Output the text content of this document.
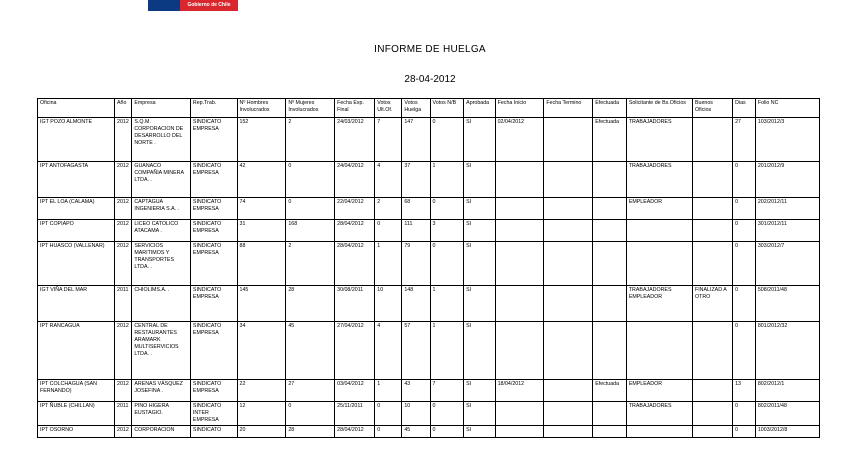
Gobierno de Chile
INFORME DE HUELGA
28-04-2012
Oficina	Año	Empresa	Rep.Trab.	Nº Hombres Involucrados	Nº Mujeres Involucrados	Fecha Exp. Final	Votos Ult.Of.	Votos Huelga	Votos N/B	Aprobada	Fecha Inicio	Fecha Termino	Efectuada	Solicitante de Bs.Oficios	Buenos Oficios	Dias	Folio NC
IGT POZO ALMONTE	2012	S.Q.M. CORPORACION DE DESARROLLO DEL NORTE .	SINDICATO EMPRESA	152	2	24/03/2012	7	147	0	SI	02/04/2012		Efectuada	TRABAJADORES		27	103/2012/3
IPT ANTOFAGASTA	2012	GUANACO COMPAÑIA MINERA LTDA. .	SINDICATO EMPRESA	42	0	24/04/2012	4	37	1	SI				TRABAJADORES		0	201/2012/9
IPT EL LOA (CALAMA)	2012	CAPTAGUA INGENIERIA S.A. .	SINDICATO EMPRESA	74	0	22/04/2012	2	68	0	SI				EMPLEADOR		0	202/2012/11
IPT COPIAPO	2012	LICEO CATOLICO ATACAMA .	SINDICATO EMPRESA	31	168	28/04/2012	0	111	3	SI						0	301/2012/11
IPT HUASCO (VALLENAR)	2012	SERVICIOS MARITIMOS Y TRANSPORTES LTDA. .	SINDICATO EMPRESA	88	2	28/04/2012	1	79	0	SI						0	303/2012/7
IGT VIÑA DEL MAR	2011	CHIOLIMS.A. .	SINDICATO EMPRESA	145	28	30/08/2011	10	148	1	SI				TRABAJADORES EMPLEADOR	FINALIZAD A OTRO	0	508/2011/48
IPT RANCAGUA	2012	CENTRAL DE RESTAURANTES ARAMARK MULTISERVICIOS LTDA. .	SINDICATO EMPRESA	34	45	27/04/2012	4	57	1	SI						0	801/2012/32
IPT COLCHAGUA (SAN FERNANDO)	2012	ARENAS VÁSQUEZ JOSEFINA .	SINDICATO EMPRESA	22	27	03/04/2012	1	43	7	SI	18/04/2012		Efectuada	EMPLEADOR		13	802/2012/1
IPT ÑUBLE (CHILLAN)	2011	PINO HIGERA EUSTAGIO.	SINDICATO INTER EMPRESA	12	0	25/11/2011	0	10	0	SI				TRABAJADORES		0	802/2011/48
IPT OSORNO	2012	CORPORACION	SINDICATO	20	28	28/04/2012	0	45	0	SI						0	1003/2012/8
